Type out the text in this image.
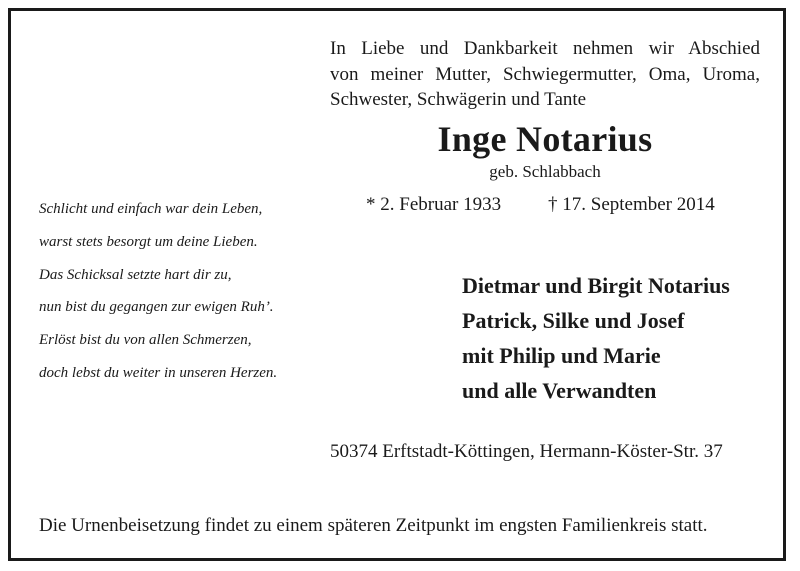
In Liebe und Dankbarkeit nehmen wir Abschied
von meiner Mutter, Schwiegermutter, Oma, Uroma,
Schwester, Schwägerin und Tante
Inge Notarius
geb. Schlabbach
* 2. Februar 1933 † 17. September 2014
Schlicht und einfach war dein Leben,
warst stets besorgt um deine Lieben.
Das Schicksal setzte hart dir zu,
nun bist du gegangen zur ewigen Ruh’.
Erlöst bist du von allen Schmerzen,
doch lebst du weiter in unseren Herzen.
Dietmar und Birgit Notarius
Patrick, Silke und Josef
mit Philip und Marie
und alle Verwandten
50374 Erftstadt-Köttingen, Hermann-Köster-Str. 37
Die Urnenbeisetzung findet zu einem späteren Zeitpunkt im engsten Familienkreis statt.
